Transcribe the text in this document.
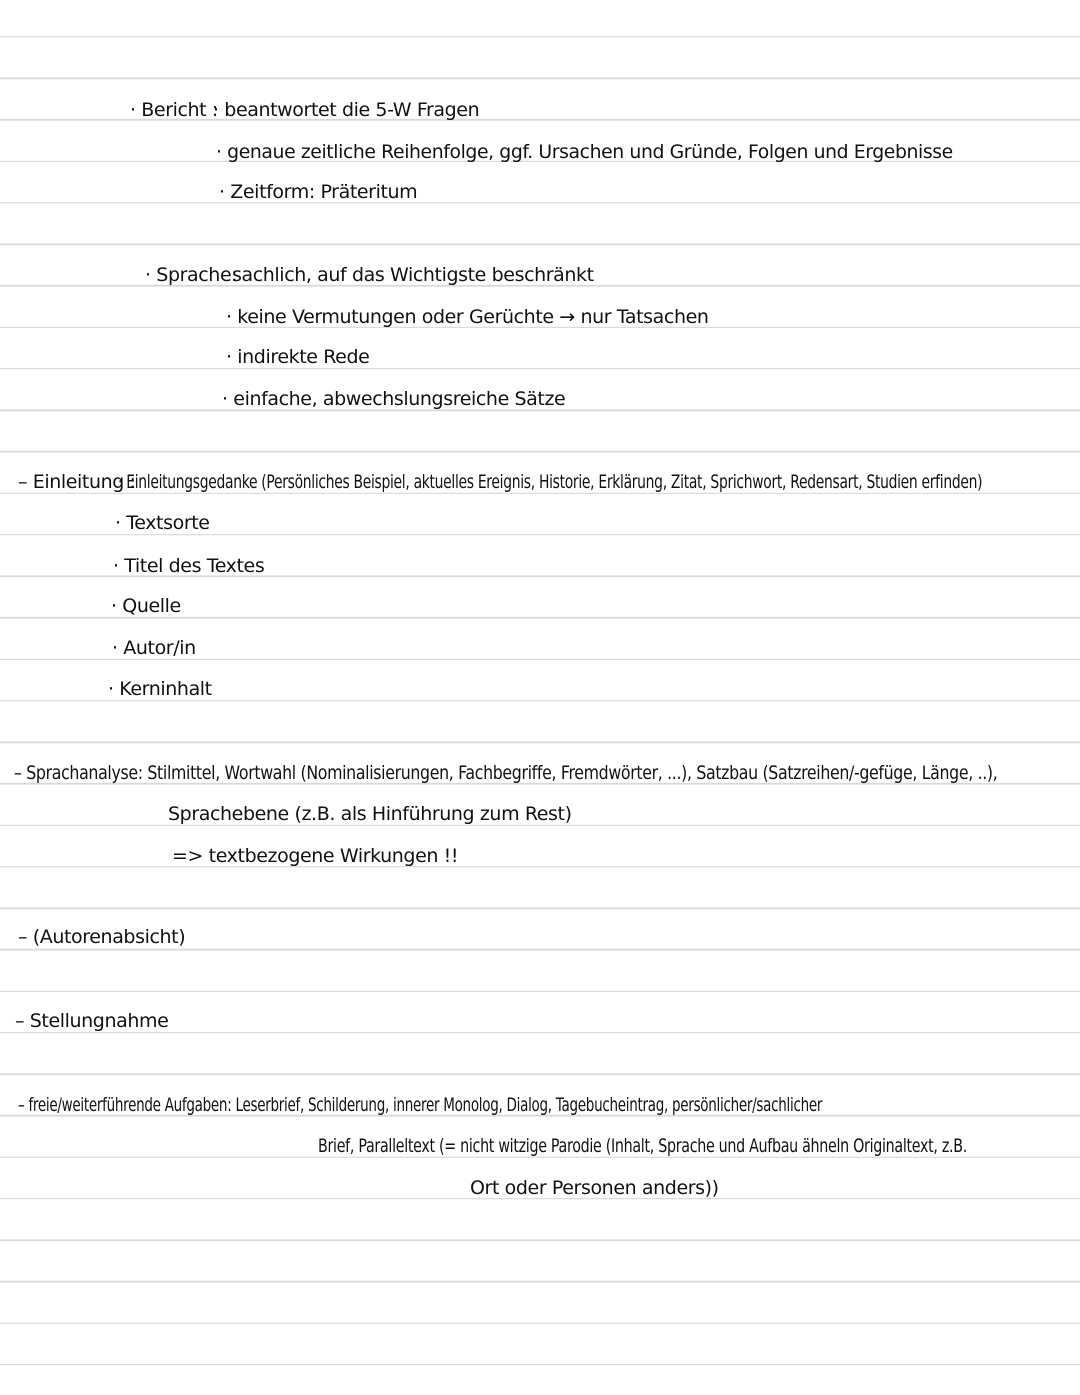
· Bericht :
· beantwortet die 5-W Fragen
· genaue zeitliche Reihenfolge, ggf. Ursachen und Gründe, Folgen und Ergebnisse
· Zeitform: Präteritum
· Sprache:
sachlich, auf das Wichtigste beschränkt
· keine Vermutungen oder Gerüchte → nur Tatsachen
· indirekte Rede
· einfache, abwechslungsreiche Sätze
– Einleitung :
· Einleitungsgedanke (Persönliches Beispiel, aktuelles Ereignis, Historie, Erklärung, Zitat, Sprichwort, Redensart, Studien erfinden)
· Textsorte
· Titel des Textes
· Quelle
· Autor/in
· Kerninhalt
– Sprachanalyse: Stilmittel, Wortwahl (Nominalisierungen, Fachbegriffe, Fremdwörter, ...), Satzbau (Satzreihen/-gefüge, Länge, ..),
Sprachebene (z.B. als Hinführung zum Rest)
=> textbezogene Wirkungen !!
– (Autorenabsicht)
– Stellungnahme
– freie/weiterführende Aufgaben: Leserbrief, Schilderung, innerer Monolog, Dialog, Tagebucheintrag, persönlicher/sachlicher
Brief, Paralleltext (= nicht witzige Parodie (Inhalt, Sprache und Aufbau ähneln Originaltext, z.B.
Ort oder Personen anders))
